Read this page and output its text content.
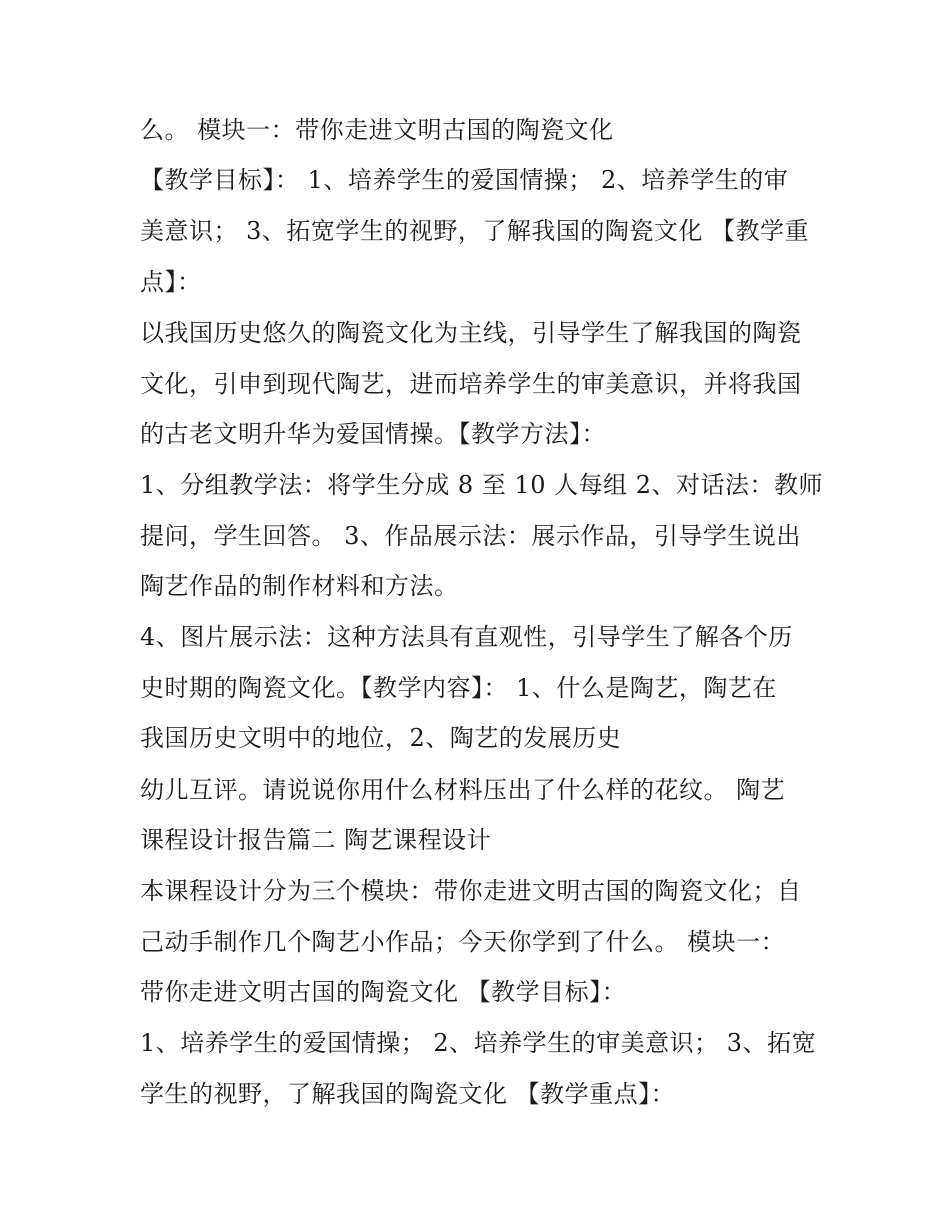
么。 模块一：带你走进文明古国的陶瓷文化
【教学目标】： 1、培养学生的爱国情操； 2、培养学生的审
美意识； 3、拓宽学生的视野，了解我国的陶瓷文化 【教学重
点】：
以我国历史悠久的陶瓷文化为主线，引导学生了解我国的陶瓷
文化，引申到现代陶艺，进而培养学生的审美意识，并将我国
的古老文明升华为爱国情操。【教学方法】：
1、分组教学法：将学生分成 8 至 10 人每组 2、对话法：教师
提问，学生回答。 3、作品展示法：展示作品，引导学生说出
陶艺作品的制作材料和方法。
4、图片展示法：这种方法具有直观性，引导学生了解各个历
史时期的陶瓷文化。【教学内容】： 1、什么是陶艺，陶艺在
我国历史文明中的地位，2、陶艺的发展历史
幼儿互评。请说说你用什么材料压出了什么样的花纹。 陶艺
课程设计报告篇二 陶艺课程设计
本课程设计分为三个模块：带你走进文明古国的陶瓷文化；自
己动手制作几个陶艺小作品；今天你学到了什么。 模块一：
带你走进文明古国的陶瓷文化 【教学目标】：
1、培养学生的爱国情操； 2、培养学生的审美意识； 3、拓宽
学生的视野，了解我国的陶瓷文化 【教学重点】：
